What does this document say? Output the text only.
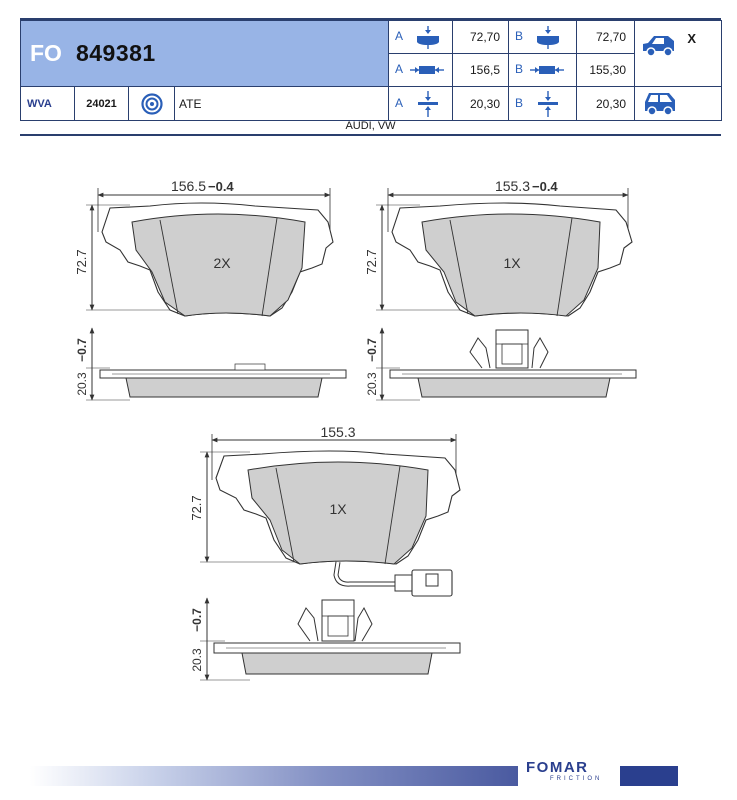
FO 849381				A	72,70	B	72,70	X

				A	156,5	B	155,30	
WVA	24021		ATE	A	20,30	B	20,30	
AUDI, VW
156.5 −0.4
72.7	2X
−0.7
20.3
155.3 −0.4
72.7	1X
−0.7
20.3
155.3
72.7	1X
−0.7
20.3
FOMAR
FRICTION
